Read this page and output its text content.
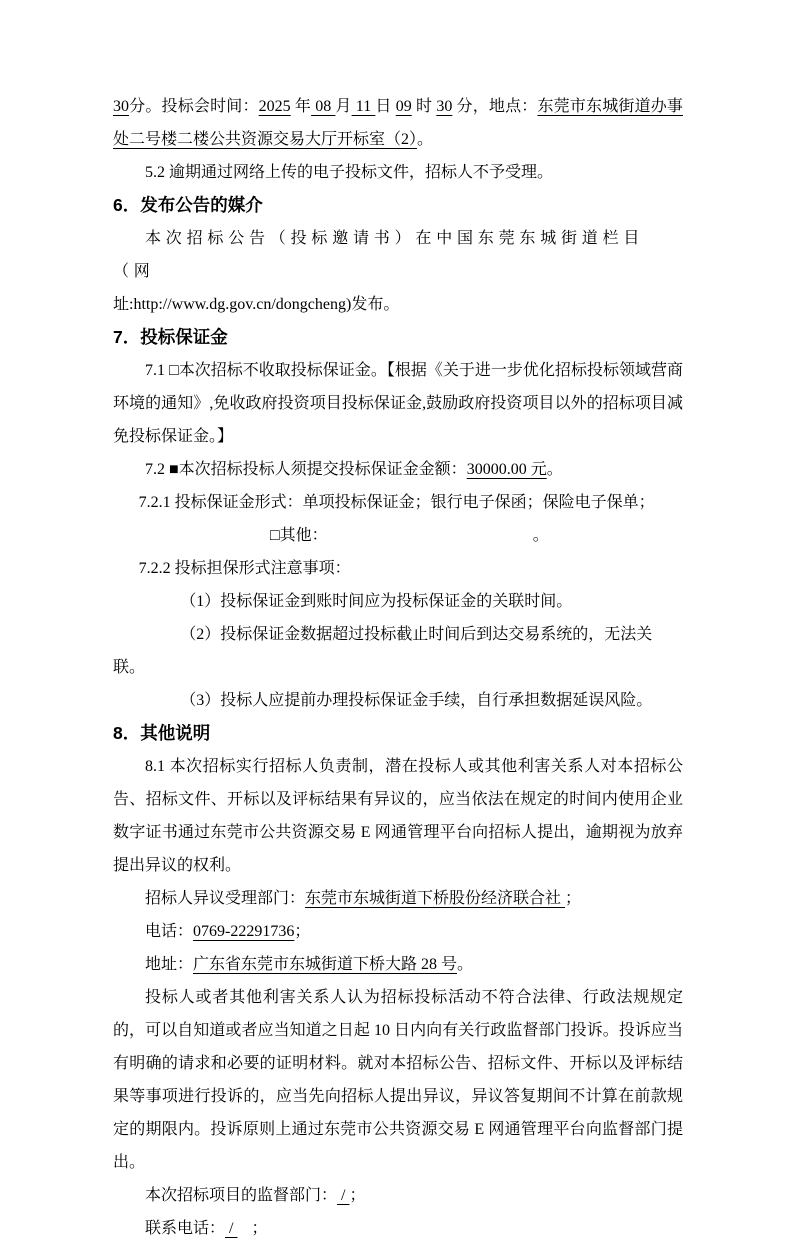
30分。投标会时间：2025 年 08 月 11 日 09 时 30 分，地点：东莞市东城街道办事处二号楼二楼公共资源交易大厅开标室（2）。
5.2 逾期通过网络上传的电子投标文件，招标人不予受理。
6．发布公告的媒介
本次招标公告（投标邀请书）在中国东莞东城街道栏目（网
址:http://www.dg.gov.cn/dongcheng)发布。
7．投标保证金
7.1 □本次招标不收取投标保证金。【根据《关于进一步优化招标投标领域营商环境的通知》,免收政府投资项目投标保证金,鼓励政府投资项目以外的招标项目减免投标保证金。】
7.2 ■本次招标投标人须提交投标保证金金额：30000.00 元。
7.2.1 投标保证金形式：单项投标保证金；银行电子保函；保险电子保单；
□其他：	。
7.2.2 投标担保形式注意事项：
（1）投标保证金到账时间应为投标保证金的关联时间。
（2）投标保证金数据超过投标截止时间后到达交易系统的，无法关联。
（3）投标人应提前办理投标保证金手续，自行承担数据延误风险。
8．其他说明
8.1 本次招标实行招标人负责制，潜在投标人或其他利害关系人对本招标公告、招标文件、开标以及评标结果有异议的，应当依法在规定的时间内使用企业数字证书通过东莞市公共资源交易 E 网通管理平台向招标人提出，逾期视为放弃提出异议的权利。
招标人异议受理部门：东莞市东城街道下桥股份经济联合社 ；
电话：0769-22291736；
地址：广东省东莞市东城街道下桥大路 28 号。
投标人或者其他利害关系人认为招标投标活动不符合法律、行政法规规定的，可以自知道或者应当知道之日起 10 日内向有关行政监督部门投诉。投诉应当有明确的请求和必要的证明材料。就对本招标公告、招标文件、开标以及评标结果等事项进行投诉的，应当先向招标人提出异议，异议答复期间不计算在前款规定的期限内。投诉原则上通过东莞市公共资源交易 E 网通管理平台向监督部门提出。
本次招标项目的监督部门： / ；
联系电话： / ；
